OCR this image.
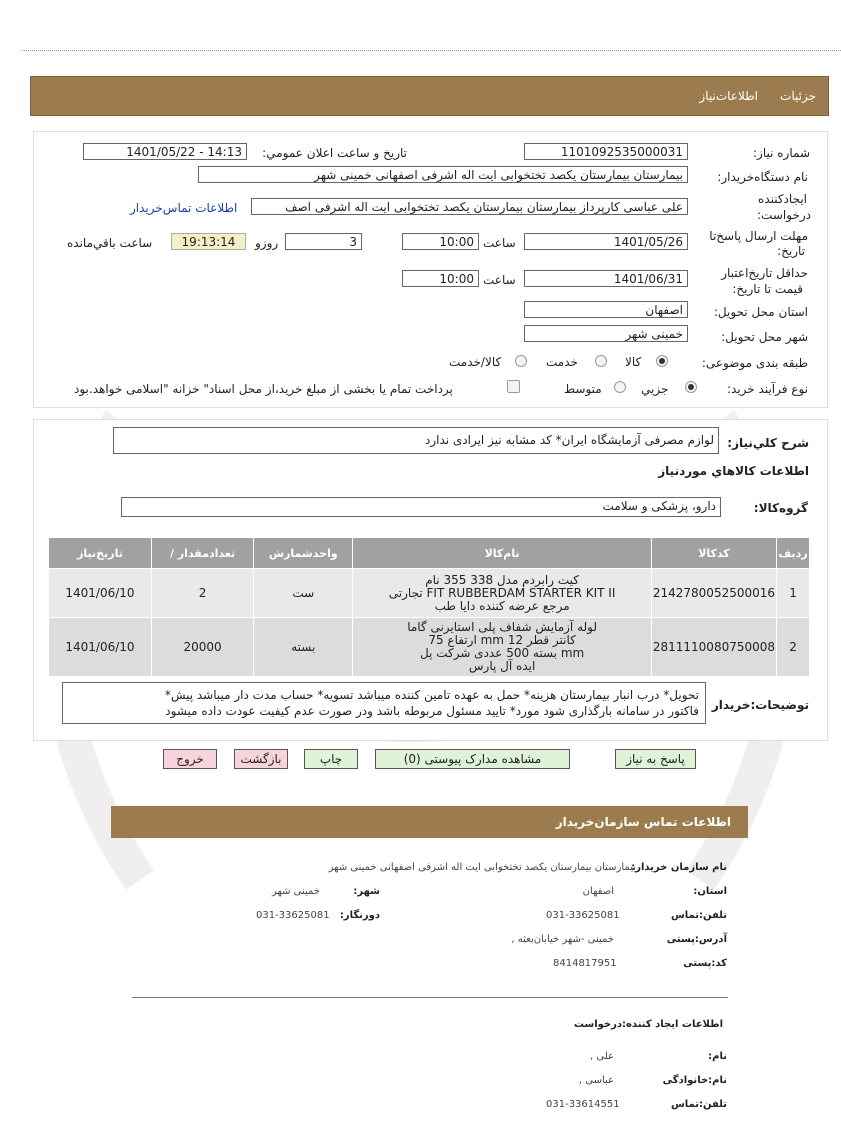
جزئیات
اطلاعات‌نیاز
شماره نیاز:
1101092535000031
تاریخ و ساعت اعلان عمومي:
1401/05/22 - 14:13
نام دستگاه‌خریدار:
بیمارستان بیمارستان یکصد تختخوابی ایت اله اشرفی اصفهانی خمینی شهر
ایجادکننده
درخواست:
علی عباسی کارپرداز بیمارستان بیمارستان یکصد تختخوابی ایت اله اشرفی اصف
اطلاعات تماس‌خریدار
مهلت ارسال پاسخ‌تا
تاریخ:
1401/05/26
ساعت
10:00
3
روزو
19:13:14
ساعت باقي‌مانده
حداقل تاریخ‌اعتبار
قیمت تا تاریخ:
1401/06/31
ساعت
10:00
استان محل تحویل:
اصفهان
شهر محل تحویل:
خمینی شهر
طبقه بندی موضوعی:
کالا
خدمت
کالا/خدمت
نوع فرآیند خرید:
جزيي
متوسط
پرداخت تمام یا بخشی از مبلغ خرید،از محل اسناد" خزانه "اسلامی خواهد.بود
شرح کلي‌نياز:
لوازم مصرفی آزمایشگاه ایران* کد مشابه نیز ایرادی ندارد
اطلاعات کالاهاي موردنياز
گروه‌کالا:
دارو، پزشکی و سلامت
تاریخ‌نیاز	/ تعدادمقدار	واحدشمارش	نام‌کالا	کدکالا	رديف
1401/06/10	2	ست	کیت رابردم مدل 338 355 نام
FIT RUBBERDAM STARTER KIT II تجارتی
مرجع عرضه کننده دایا طب	2142780052500016	1
1401/06/10	20000	بسته	لوله آزمایش شفاف پلی استایرنی گاما
کانتر قطر 12 mm ارتفاع 75
mm بسته 500 عددی شرکت پل
ایده آل پارس	2811110080750008	2
توضیحات:خریدار
تحویل* درب انبار بیمارستان هزینه* حمل به عهده تامین کننده میباشد تسویه* حساب مدت دار میباشد پیش*
فاکتور در سامانه بارگذاری شود مورد* تایید مسئول مربوطه باشد ودر صورت عدم کیفیت عودت داده میشود
پاسخ به نیاز
مشاهده مدارک پیوستی (0)
چاپ
بازگشت
خروج
اطلاعات تماس سازمان‌خریدار
نام سازمان خریدار:
بیمارستان بیمارستان یکصد تختخوابی ایت اله اشرفی اصفهانی خمینی شهر
استان:
اصفهان
شهر:
خمینی شهر
تلفن:تماس
031-33625081
دورنگار:
031-33625081
آدرس:پستی
خمینی -شهر خیابان‌بعثه ,
کد:پستی
8414817951
اطلاعات ایجاد کننده:درخواست
نام:
علی ,
نام:خانوادگی
عباسی ,
تلفن:تماس
031-33614551
